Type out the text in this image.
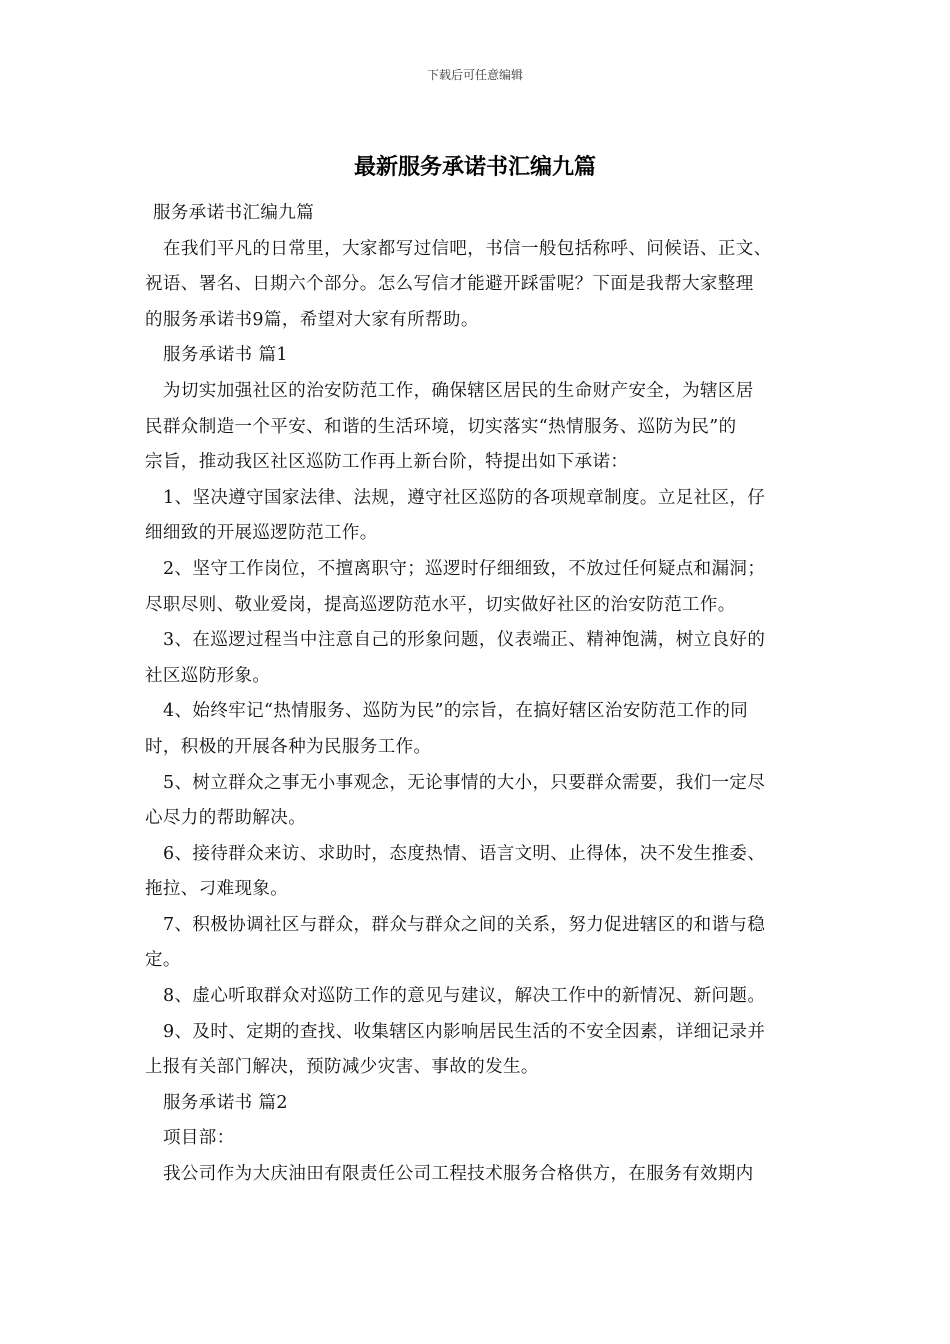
下载后可任意编辑
最新服务承诺书汇编九篇
服务承诺书汇编九篇
在我们平凡的日常里，大家都写过信吧，书信一般包括称呼、问候语、正文、
祝语、署名、日期六个部分。怎么写信才能避开踩雷呢？下面是我帮大家整理
的服务承诺书9篇，希望对大家有所帮助。
服务承诺书 篇1
为切实加强社区的治安防范工作，确保辖区居民的生命财产安全，为辖区居
民群众制造一个平安、和谐的生活环境，切实落实“热情服务、巡防为民”的
宗旨，推动我区社区巡防工作再上新台阶，特提出如下承诺：
1、坚决遵守国家法律、法规，遵守社区巡防的各项规章制度。立足社区，仔
细细致的开展巡逻防范工作。
2、坚守工作岗位，不擅离职守；巡逻时仔细细致，不放过任何疑点和漏洞；
尽职尽则、敬业爱岗，提高巡逻防范水平，切实做好社区的治安防范工作。
3、在巡逻过程当中注意自己的形象问题，仪表端正、精神饱满，树立良好的
社区巡防形象。
4、始终牢记“热情服务、巡防为民”的宗旨，在搞好辖区治安防范工作的同
时，积极的开展各种为民服务工作。
5、树立群众之事无小事观念，无论事情的大小，只要群众需要，我们一定尽
心尽力的帮助解决。
6、接待群众来访、求助时，态度热情、语言文明、止得体，决不发生推委、
拖拉、刁难现象。
7、积极协调社区与群众，群众与群众之间的关系，努力促进辖区的和谐与稳
定。
8、虚心听取群众对巡防工作的意见与建议，解决工作中的新情况、新问题。
9、及时、定期的查找、收集辖区内影响居民生活的不安全因素，详细记录并
上报有关部门解决，预防减少灾害、事故的发生。
服务承诺书 篇2
项目部：
我公司作为大庆油田有限责任公司工程技术服务合格供方，在服务有效期内
